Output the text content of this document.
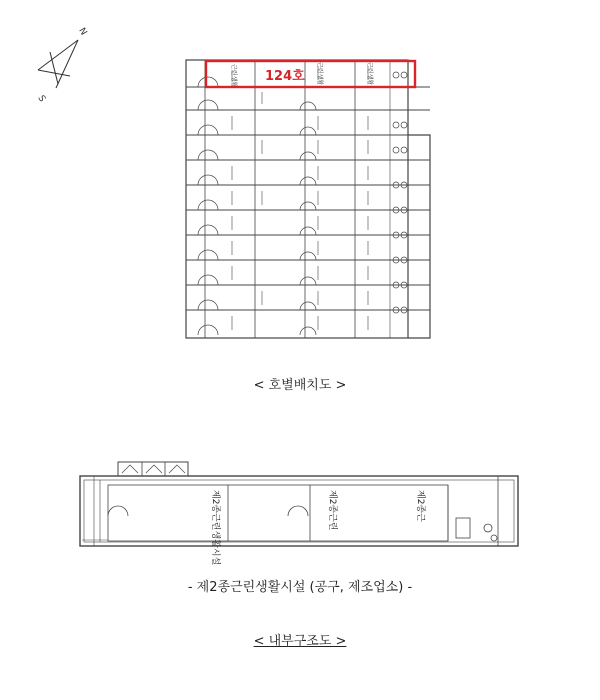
N
S
근린생활	근린생활	근린생활
124호
제2종근린생활시설	제2종근린	제2종근
< 호별배치도 >
- 제2종근린생활시설 (공구, 제조업소) -
< 내부구조도 >
